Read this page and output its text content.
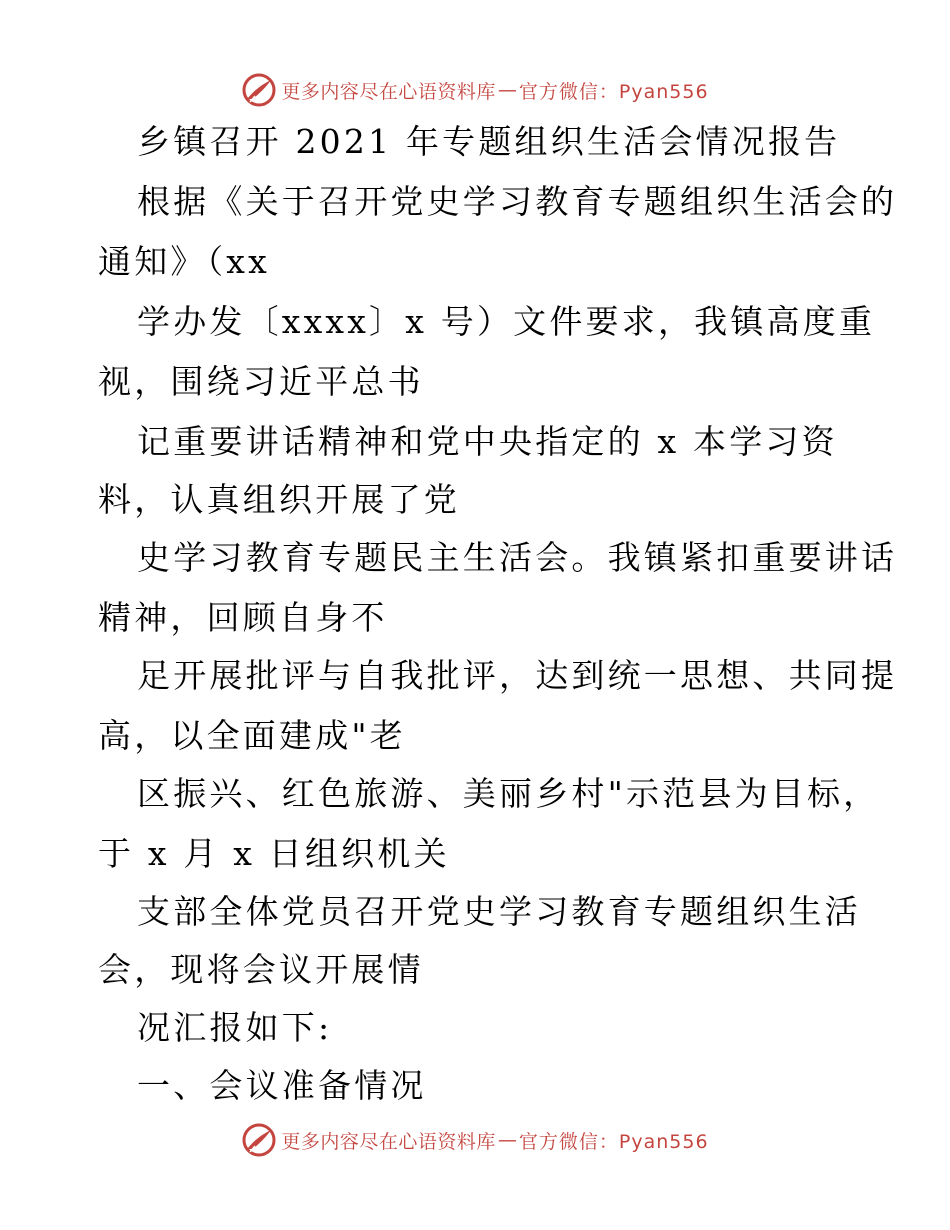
更多内容尽在心语资料库 — 官方微信：Pyan556
乡镇召开 2021 年专题组织生活会情况报告
根据《关于召开党史学习教育专题组织生活会的
通知》（xx
学办发〔xxxx〕x 号）文件要求，我镇高度重
视，围绕习近平总书
记重要讲话精神和党中央指定的 x 本学习资
料，认真组织开展了党
史学习教育专题民主生活会。我镇紧扣重要讲话
精神，回顾自身不
足开展批评与自我批评，达到统一思想、共同提
高，以全面建成"老
区振兴、红色旅游、美丽乡村"示范县为目标，
于 x 月 x 日组织机关
支部全体党员召开党史学习教育专题组织生活
会，现将会议开展情
况汇报如下:
一、会议准备情况
更多内容尽在心语资料库 — 官方微信：Pyan556
